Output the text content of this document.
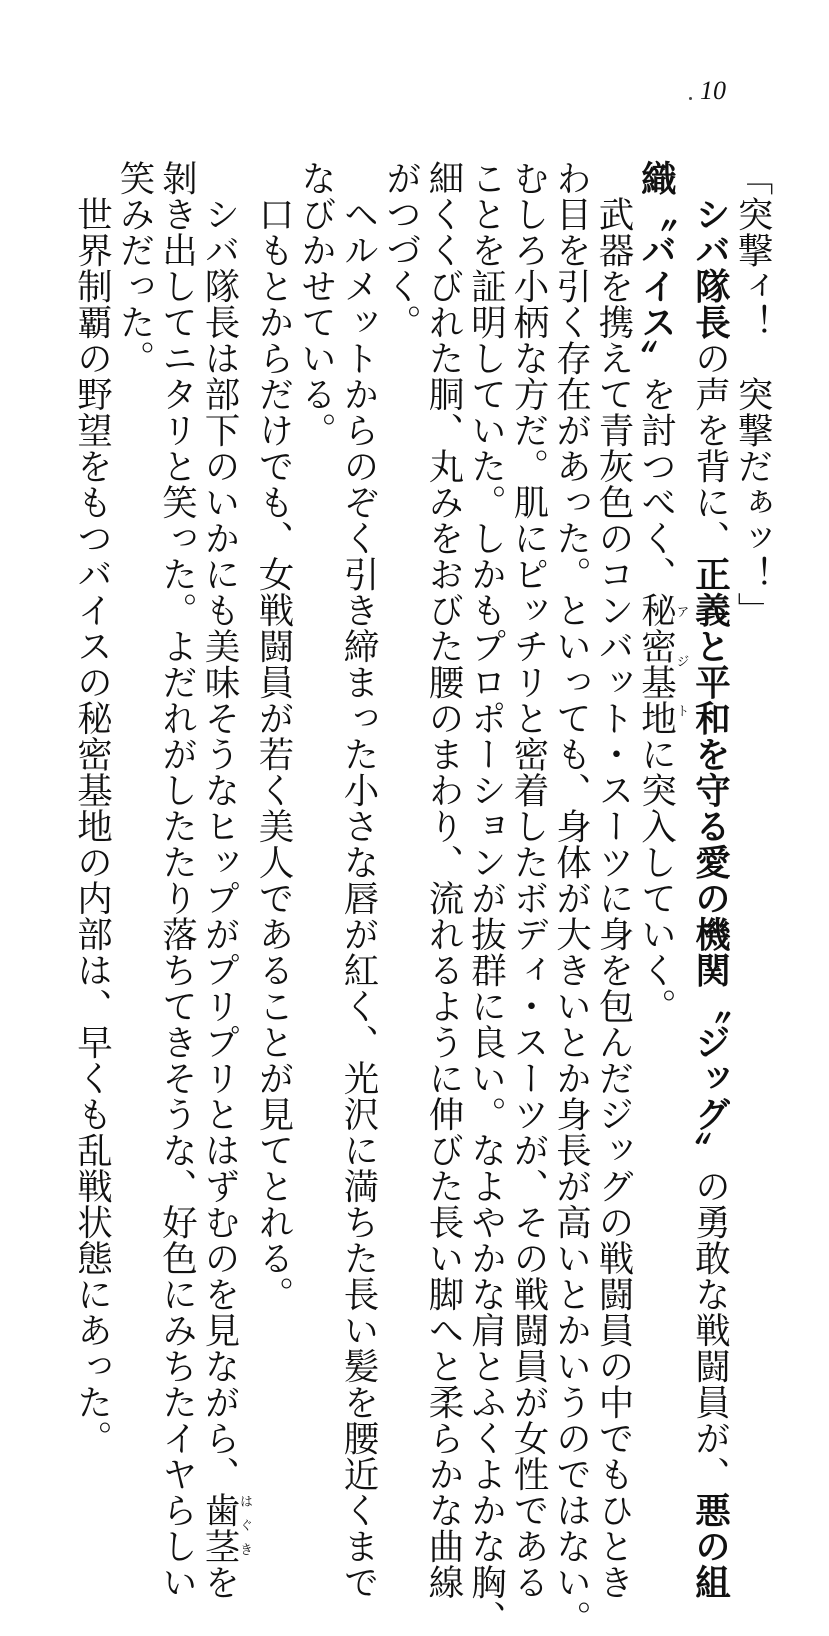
10
「突撃ィ！　突撃だぁッ！」
シバ隊長の声を背に、正義と平和を守る愛の機関〝ジッグ〟の勇敢な戦闘員が、悪の組
織〝バイス〟を討つべく、秘密基地アジトに突入していく。
武器を携えて青灰色のコンバット・スーツに身を包んだジッグの戦闘員の中でもひとき
わ目を引く存在があった。といっても、身体が大きいとか身長が高いとかいうのではない。
むしろ小柄な方だ。肌にピッチリと密着したボディ・スーツが、その戦闘員が女性である
ことを証明していた。しかもプロポーションが抜群に良い。なよやかな肩とふくよかな胸、
細くくびれた胴、丸みをおびた腰のまわり、流れるように伸びた長い脚へと柔らかな曲線
がつづく。
ヘルメットからのぞく引き締まった小さな唇が紅く、光沢に満ちた長い髪を腰近くまで
なびかせている。
口もとからだけでも、女戦闘員が若く美人であることが見てとれる。
シバ隊長は部下のいかにも美味そうなヒップがプリプリとはずむのを見ながら、歯茎はぐきを
剝き出してニタリと笑った。よだれがしたたり落ちてきそうな、好色にみちたイヤらしい
笑みだった。
世界制覇の野望をもつバイスの秘密基地の内部は、早くも乱戦状態にあった。
